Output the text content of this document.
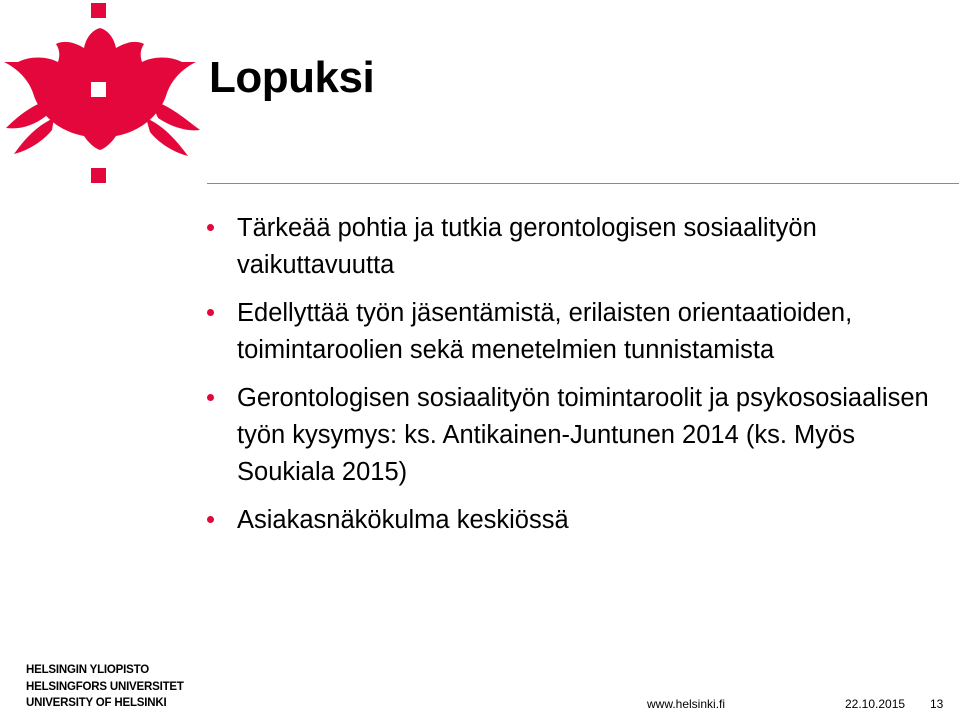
Lopuksi
Tärkeää pohtia ja tutkia gerontologisen sosiaalityön vaikuttavuutta
Edellyttää työn jäsentämistä, erilaisten orientaatioiden, toimintaroolien sekä menetelmien tunnistamista
Gerontologisen sosiaalityön toimintaroolit ja psykososiaalisen työn kysymys: ks. Antikainen-Juntunen 2014 (ks. Myös Soukiala 2015)
Asiakasnäkökulma keskiössä
HELSINGIN YLIOPISTO
HELSINGFORS UNIVERSITET
UNIVERSITY OF HELSINKI	www.helsinki.fi	22.10.2015 13
